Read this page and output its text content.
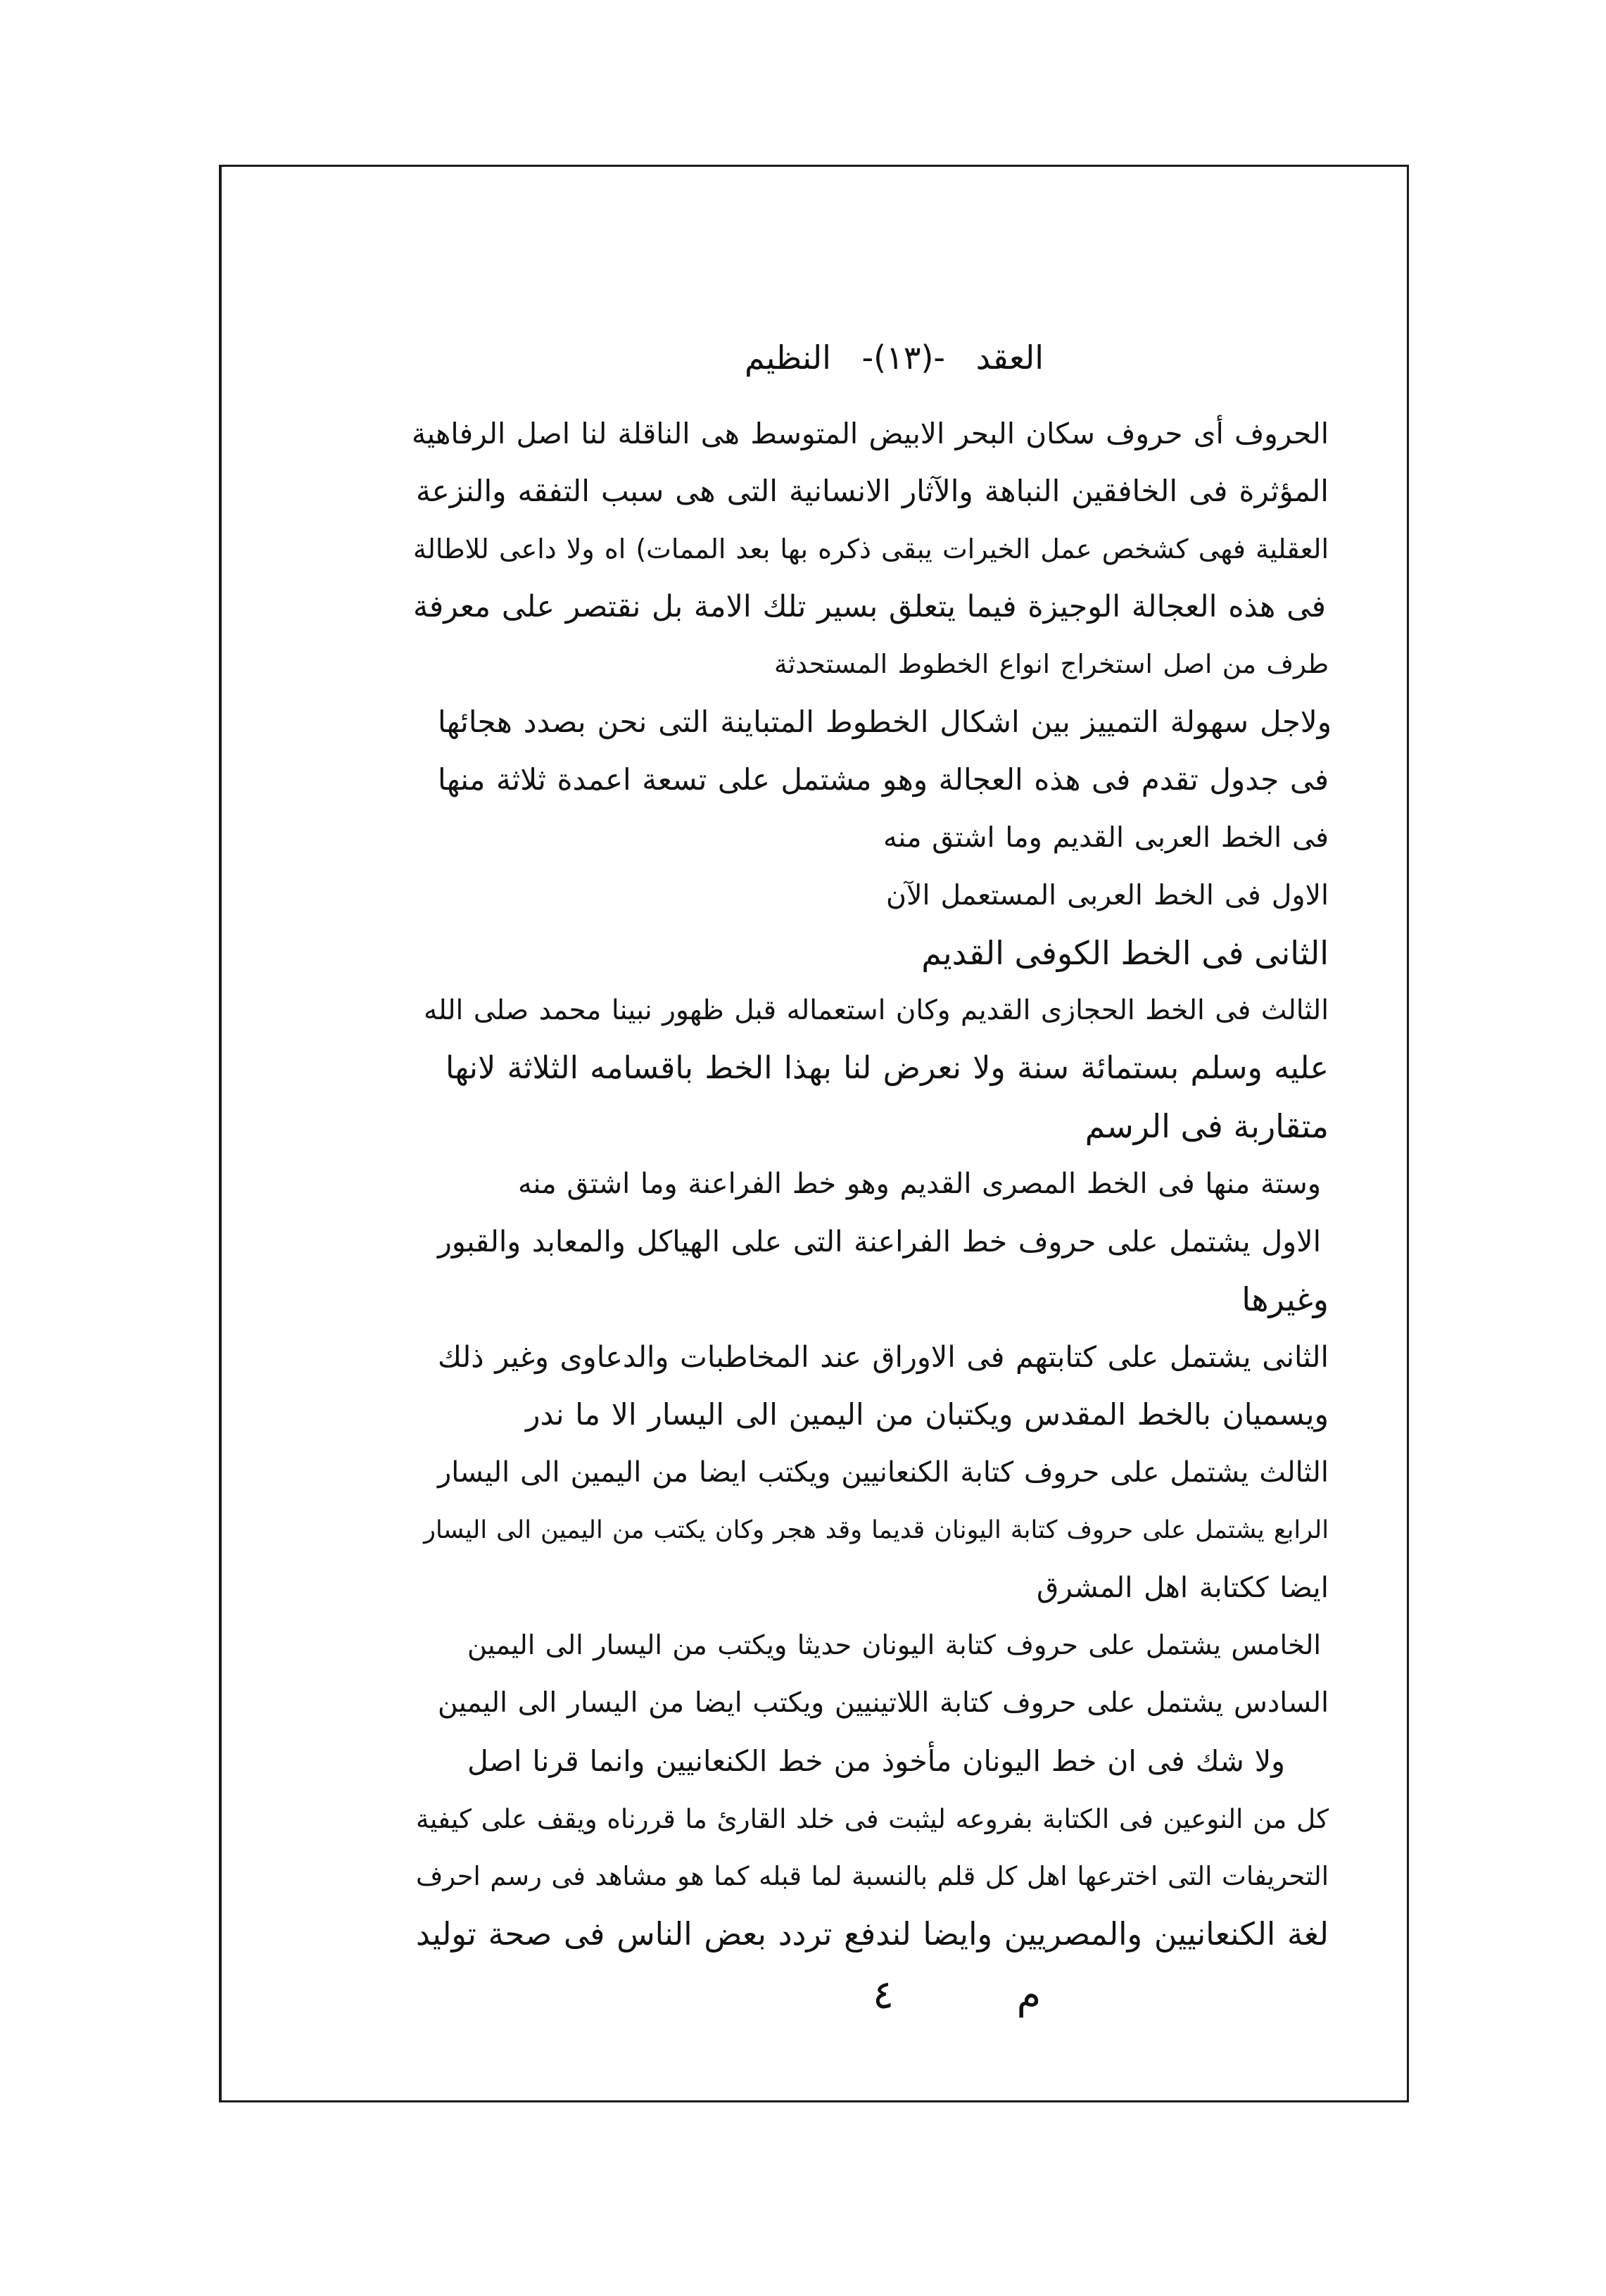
العقد -(١٣)- النظيم
الحروف أى حروف سكان البحر الابيض المتوسط هى الناقلة لنا اصل الرفاهية
المؤثرة فى الخافقين النباهة والآثار الانسانية التى هى سبب التفقه والنزعة
العقلية فهى كشخص عمل الخيرات يبقى ذكره بها بعد الممات) اه ولا داعى للاطالة
فى هذه العجالة الوجيزة فيما يتعلق بسير تلك الامة بل نقتصر على معرفة
طرف من اصل استخراج انواع الخطوط المستحدثة
ولاجل سهولة التمييز بين اشكال الخطوط المتباينة التى نحن بصدد هجائها
فى جدول تقدم فى هذه العجالة وهو مشتمل على تسعة اعمدة ثلاثة منها
فى الخط العربى القديم وما اشتق منه
الاول فى الخط العربى المستعمل الآن
الثانى فى الخط الكوفى القديم
الثالث فى الخط الحجازى القديم وكان استعماله قبل ظهور نبينا محمد صلى الله
عليه وسلم بستمائة سنة ولا نعرض لنا بهذا الخط باقسامه الثلاثة لانها
متقاربة فى الرسم
وستة منها فى الخط المصرى القديم وهو خط الفراعنة وما اشتق منه
الاول يشتمل على حروف خط الفراعنة التى على الهياكل والمعابد والقبور
وغيرها
الثانى يشتمل على كتابتهم فى الاوراق عند المخاطبات والدعاوى وغير ذلك
ويسميان بالخط المقدس ويكتبان من اليمين الى اليسار الا ما ندر
الثالث يشتمل على حروف كتابة الكنعانيين ويكتب ايضا من اليمين الى اليسار
الرابع يشتمل على حروف كتابة اليونان قديما وقد هجر وكان يكتب من اليمين الى اليسار
ايضا ككتابة اهل المشرق
الخامس يشتمل على حروف كتابة اليونان حديثا ويكتب من اليسار الى اليمين
السادس يشتمل على حروف كتابة اللاتينيين ويكتب ايضا من اليسار الى اليمين
ولا شك فى ان خط اليونان مأخوذ من خط الكنعانيين وانما قرنا اصل
كل من النوعين فى الكتابة بفروعه ليثبت فى خلد القارئ ما قررناه ويقف على كيفية
التحريفات التى اخترعها اهل كل قلم بالنسبة لما قبله كما هو مشاهد فى رسم احرف
لغة الكنعانيين والمصريين وايضا لندفع تردد بعض الناس فى صحة توليد
٤	م
